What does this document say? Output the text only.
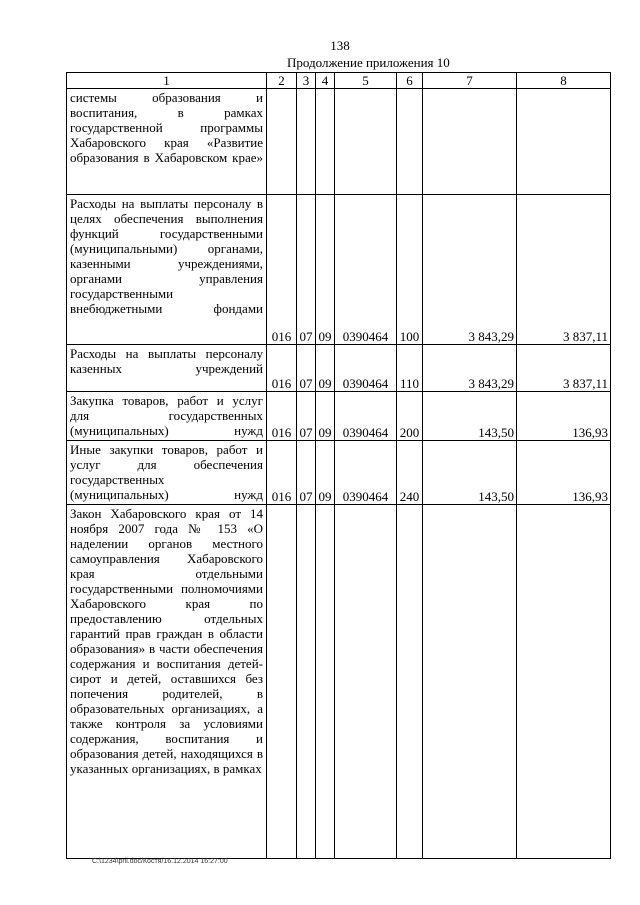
138
Продолжение приложения 10
1	2	3	4	5	6	7	8
системы образования и воспитания, в рамках государственной программы Хабаровского края «Развитие образования в Хабаровском крае»							
Расходы на выплаты персоналу в целях обеспечения выполнения функций государственными (муниципальными) органами, казенными учреждениями, органами управления государственными внебюджетными фондами	016	07	09	0390464	100	3 843,29	3 837,11
Расходы на выплаты персоналу казенных учреждений	016	07	09	0390464	110	3 843,29	3 837,11
Закупка товаров, работ и услуг для государственных (муниципальных) нужд	016	07	09	0390464	200	143,50	136,93
Иные закупки товаров, работ и услуг для обеспечения государственных (муниципальных) нужд	016	07	09	0390464	240	143,50	136,93
Закон Хабаровского края от 14 ноября 2007 года № 153 «О наделении органов местного самоуправления Хабаровского края отдельными государственными полномочиями Хабаровского края по предоставлению отдельных гарантий прав граждан в области образования» в части обеспечения содержания и воспитания детей-сирот и детей, оставшихся без попечения родителей, в образовательных организациях, а также контроля за условиями содержания, воспитания и образования детей, находящихся в указанных организациях, в рамках							
C:\1234\pril.doc/Костя/16.12.2014 16:27:00
